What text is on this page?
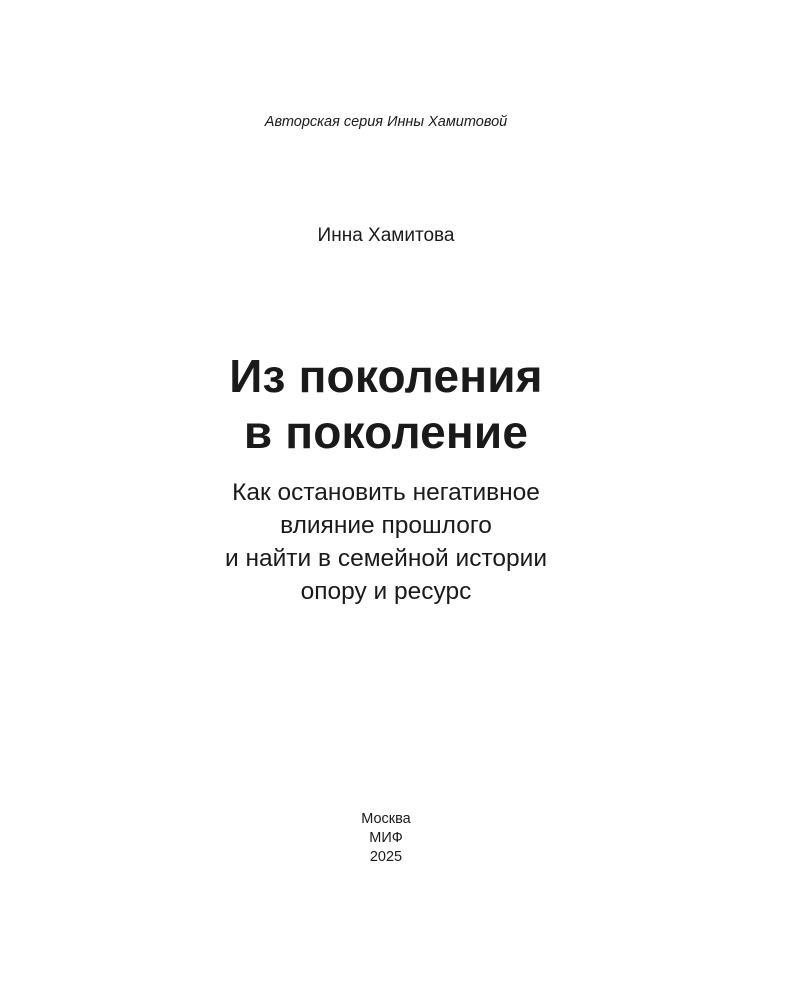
Авторская серия Инны Хамитовой
Инна Хамитова
Из поколения
в поколение
Как остановить негативное
влияние прошлого
и найти в семейной истории
опору и ресурс
Москва
МИФ
2025
